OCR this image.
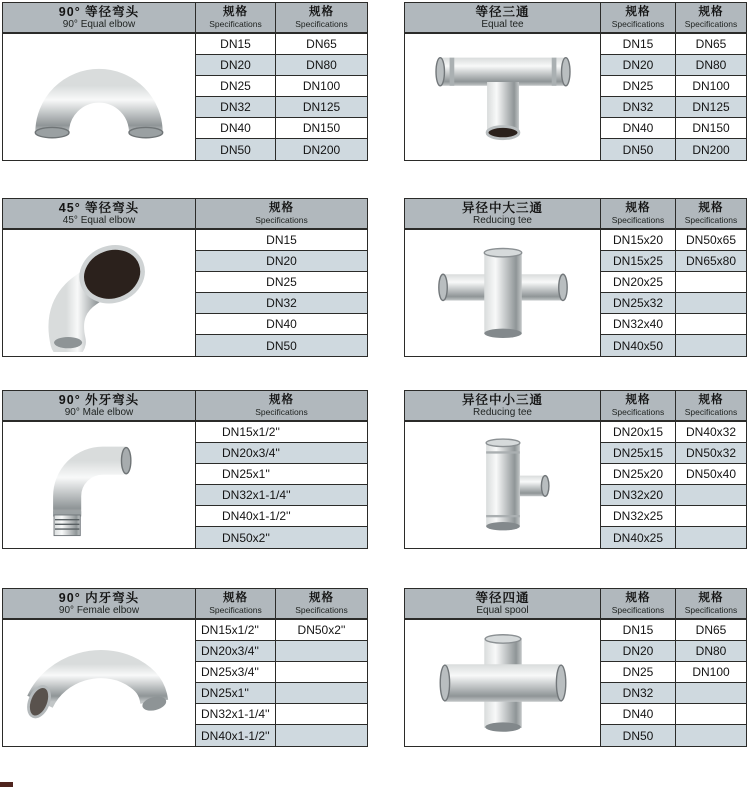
90° 等径弯头
90° Equal elbow
规格
Specifications
规格
Specifications
DN15	DN65
DN20	DN80
DN25	DN100
DN32	DN125
DN40	DN150
DN50	DN200
等径三通
Equal tee
规格
Specifications
规格
Specifications
DN15	DN65
DN20	DN80
DN25	DN100
DN32	DN125
DN40	DN150
DN50	DN200
45° 等径弯头
45° Equal elbow
规格
Specifications
DN15
DN20
DN25
DN32
DN40
DN50
异径中大三通
Reducing tee
规格
Specifications
规格
Specifications
DN15x20	DN50x65
DN15x25	DN65x80
DN20x25
DN25x32
DN32x40
DN40x50
90° 外牙弯头
90° Male elbow
规格
Specifications
DN15x1/2''
DN20x3/4''
DN25x1''
DN32x1-1/4''
DN40x1-1/2''
DN50x2''
异径中小三通
Reducing tee
规格
Specifications
规格
Specifications
DN20x15	DN40x32
DN25x15	DN50x32
DN25x20	DN50x40
DN32x20
DN32x25
DN40x25
90° 内牙弯头
90° Female elbow
规格
Specifications
规格
Specifications
DN15x1/2''	DN50x2''
DN20x3/4''
DN25x3/4''
DN25x1''
DN32x1-1/4''
DN40x1-1/2''
等径四通
Equal spool
规格
Specifications
规格
Specifications
DN15	DN65
DN20	DN80
DN25	DN100
DN32
DN40
DN50
